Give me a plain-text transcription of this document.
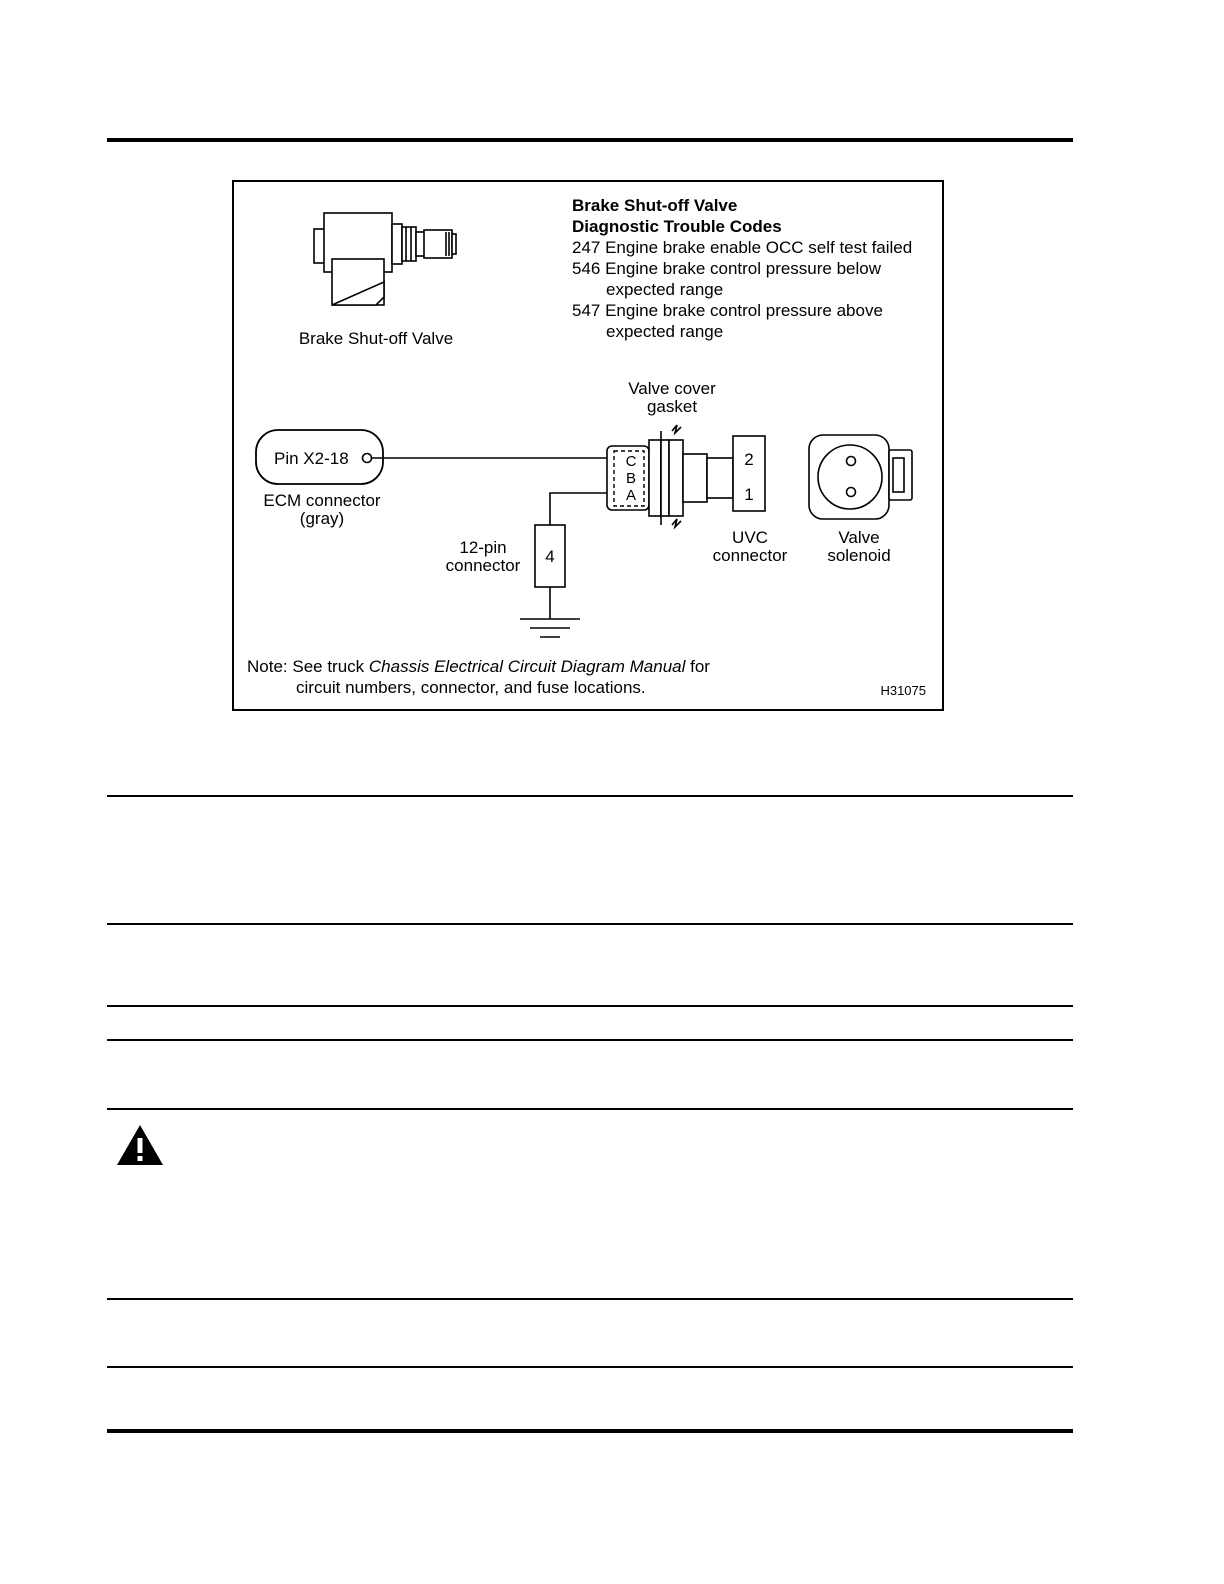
Brake Shut-off Valve
Brake Shut-off Valve
Diagnostic Trouble Codes
247 Engine brake enable OCC self test failed
546 Engine brake control pressure below
expected range
547 Engine brake control pressure above
expected range
Valve cover
gasket
Pin X2-18
ECM connector
(gray)
4
12-pin
connector
C
B
A
2
1
UVC
connector
Valve
solenoid
Note: See truck Chassis Electrical Circuit Diagram Manual for
circuit numbers, connector, and fuse locations.	H31075
